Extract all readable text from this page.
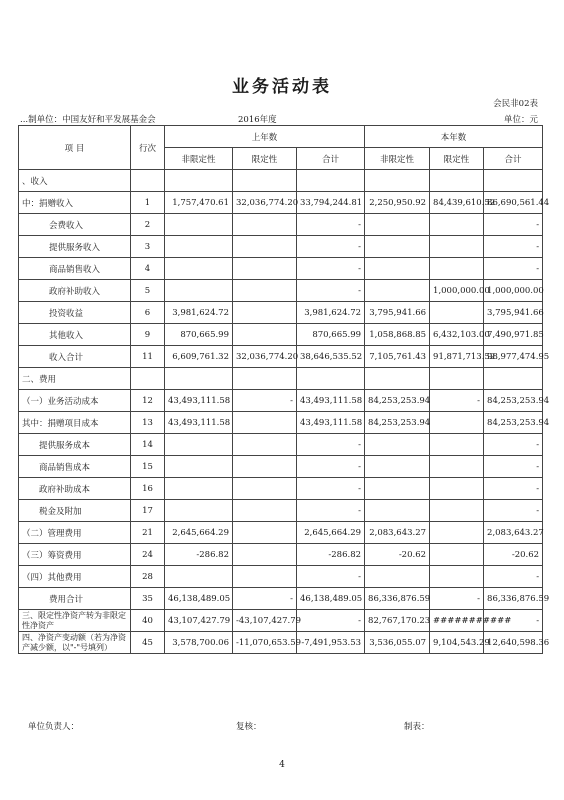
业务活动表
会民非02表
...制单位：中国友好和平发展基金会	2016年度	单位：元
项 目	行次	上年数			本年数		
		非限定性	限定性	合计	非限定性	限定性	合计
、收入							
中：捐赠收入	1	1,757,470.61	32,036,774.20	33,794,244.81	2,250,950.92	84,439,610.52	86,690,561.44
会费收入	2			-			-
提供服务收入	3			-			-
商品销售收入	4			-			-
政府补助收入	5			-		1,000,000.00	1,000,000.00
投资收益	6	3,981,624.72		3,981,624.72	3,795,941.66		3,795,941.66
其他收入	9	870,665.99		870,665.99	1,058,868.85	6,432,103.00	7,490,971.85
收入合计	11	6,609,761.32	32,036,774.20	38,646,535.52	7,105,761.43	91,871,713.52	98,977,474.95
二、费用							
（一）业务活动成本	12	43,493,111.58	-	43,493,111.58	84,253,253.94	-	84,253,253.94
其中：捐赠项目成本	13	43,493,111.58		43,493,111.58	84,253,253.94		84,253,253.94
提供服务成本	14			-			-
商品销售成本	15			-			-
政府补助成本	16			-			-
税金及附加	17			-			-
（二）管理费用	21	2,645,664.29		2,645,664.29	2,083,643.27		2,083,643.27
（三）筹资费用	24	-286.82		-286.82	-20.62		-20.62
（四）其他费用	28			-			-
费用合计	35	46,138,489.05	-	46,138,489.05	86,336,876.59	-	86,336,876.59
三、限定性净资产转为非限定性净资产	40	43,107,427.79	-43,107,427.79	-	82,767,170.23	###########	-
四、净资产变动额（若为净资产减少额，以"-"号填列）	45	3,578,700.06	-11,070,653.59	-7,491,953.53	3,536,055.07	9,104,543.29	12,640,598.36
单位负责人：	复核：	制表：
4
